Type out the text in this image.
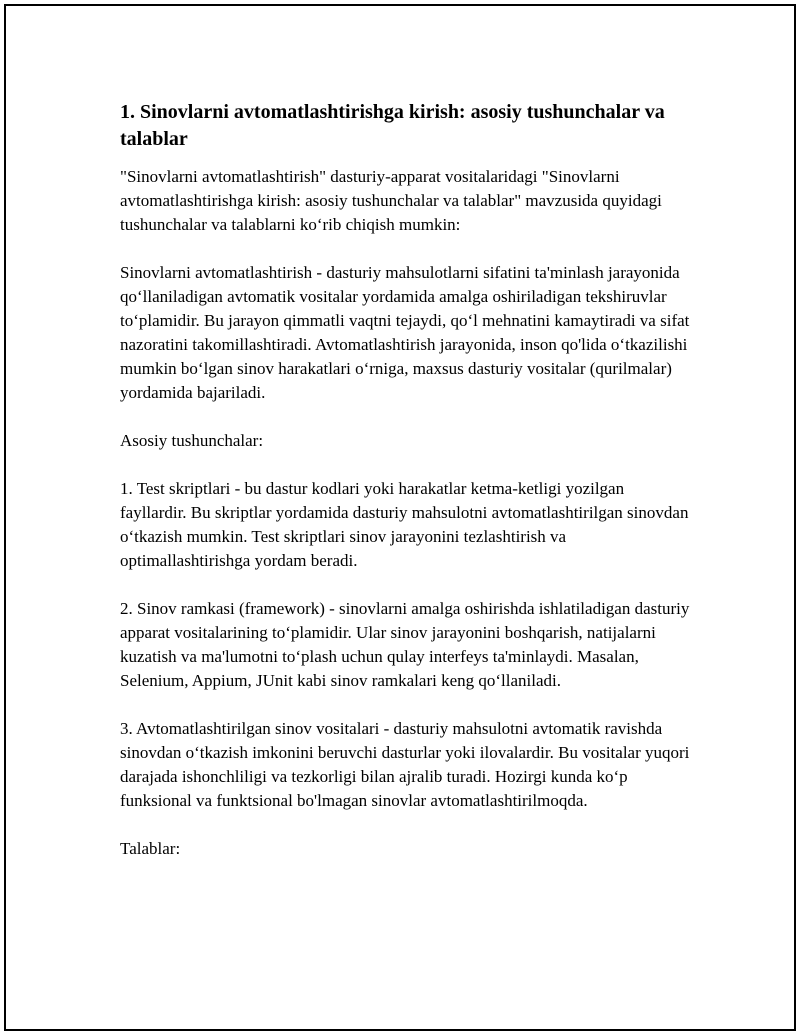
1. Sinovlarni avtomatlashtirishga kirish: asosiy tushunchalar va talablar

"Sinovlarni avtomatlashtirish" dasturiy-apparat vositalaridagi "Sinovlarni avtomatlashtirishga kirish: asosiy tushunchalar va talablar" mavzusida quyidagi tushunchalar va talablarni koʻrib chiqish mumkin:

Sinovlarni avtomatlashtirish - dasturiy mahsulotlarni sifatini ta'minlash jarayonida qoʻllaniladigan avtomatik vositalar yordamida amalga oshiriladigan tekshiruvlar toʻplamidir. Bu jarayon qimmatli vaqtni tejaydi, qoʻl mehnatini kamaytiradi va sifat nazoratini takomillashtiradi. Avtomatlashtirish jarayonida, inson qo'lida oʻtkazilishi mumkin boʻlgan sinov harakatlari oʻrniga, maxsus dasturiy vositalar (qurilmalar) yordamida bajariladi.

Asosiy tushunchalar:

1. Test skriptlari - bu dastur kodlari yoki harakatlar ketma-ketligi yozilgan fayllardir. Bu skriptlar yordamida dasturiy mahsulotni avtomatlashtirilgan sinovdan oʻtkazish mumkin. Test skriptlari sinov jarayonini tezlashtirish va optimallashtirishga yordam beradi.

2. Sinov ramkasi (framework) - sinovlarni amalga oshirishda ishlatiladigan dasturiy apparat vositalarining toʻplamidir. Ular sinov jarayonini boshqarish, natijalarni kuzatish va ma'lumotni toʻplash uchun qulay interfeys ta'minlaydi. Masalan, Selenium, Appium, JUnit kabi sinov ramkalari keng qoʻllaniladi.

3. Avtomatlashtirilgan sinov vositalari - dasturiy mahsulotni avtomatik ravishda sinovdan oʻtkazish imkonini beruvchi dasturlar yoki ilovalardir. Bu vositalar yuqori darajada ishonchliligi va tezkorligi bilan ajralib turadi. Hozirgi kunda koʻp funksional va funktsional bo'lmagan sinovlar avtomatlashtirilmoqda.

Talablar:
